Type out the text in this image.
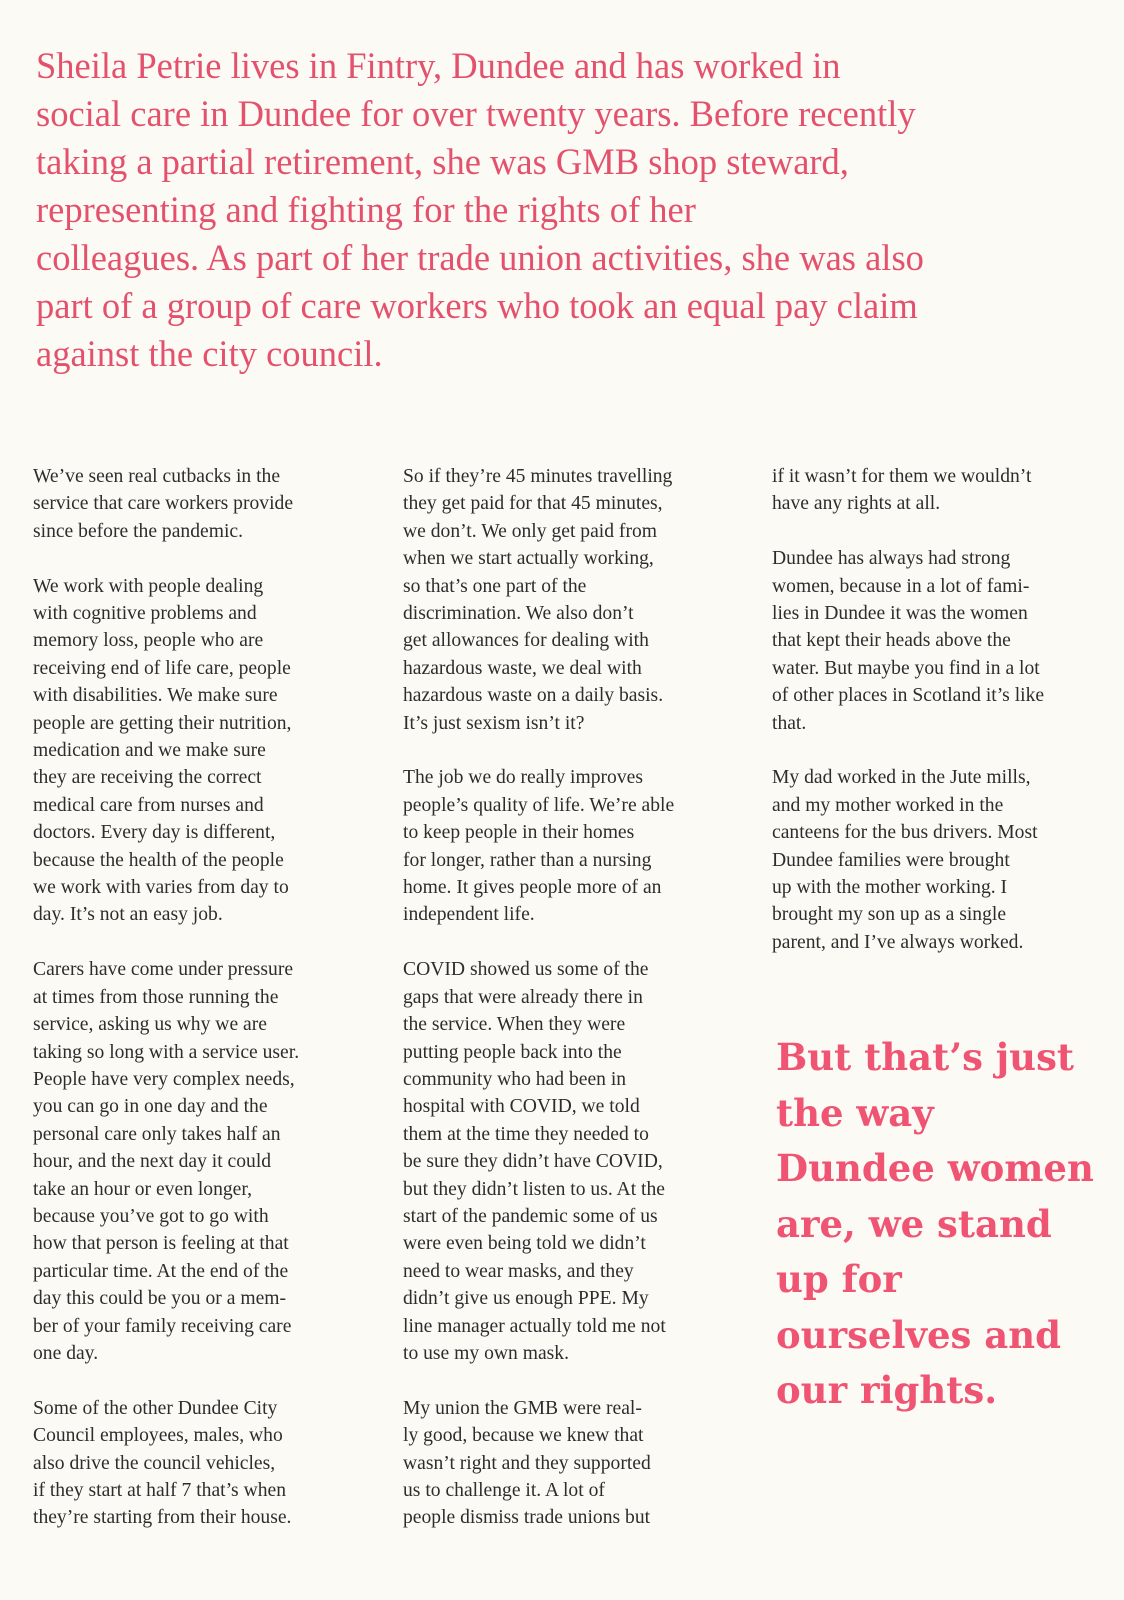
Sheila Petrie lives in Fintry, Dundee and has worked in
social care in Dundee for over twenty years. Before recently
taking a partial retirement, she was GMB shop steward,
representing and fighting for the rights of her
colleagues. As part of her trade union activities, she was also
part of a group of care workers who took an equal pay claim
against the city council.
We’ve seen real cutbacks in the
service that care workers provide
since before the pandemic.
We work with people dealing
with cognitive problems and
memory loss, people who are
receiving end of life care, people
with disabilities. We make sure
people are getting their nutrition,
medication and we make sure
they are receiving the correct
medical care from nurses and
doctors. Every day is different,
because the health of the people
we work with varies from day to
day. It’s not an easy job.
Carers have come under pressure
at times from those running the
service, asking us why we are
taking so long with a service user.
People have very complex needs,
you can go in one day and the
personal care only takes half an
hour, and the next day it could
take an hour or even longer,
because you’ve got to go with
how that person is feeling at that
particular time. At the end of the
day this could be you or a mem-
ber of your family receiving care
one day.
Some of the other Dundee City
Council employees, males, who
also drive the council vehicles,
if they start at half 7 that’s when
they’re starting from their house.
So if they’re 45 minutes travelling
they get paid for that 45 minutes,
we don’t. We only get paid from
when we start actually working,
so that’s one part of the
discrimination. We also don’t
get allowances for dealing with
hazardous waste, we deal with
hazardous waste on a daily basis.
It’s just sexism isn’t it?
The job we do really improves
people’s quality of life. We’re able
to keep people in their homes
for longer, rather than a nursing
home. It gives people more of an
independent life.
COVID showed us some of the
gaps that were already there in
the service. When they were
putting people back into the
community who had been in
hospital with COVID, we told
them at the time they needed to
be sure they didn’t have COVID,
but they didn’t listen to us. At the
start of the pandemic some of us
were even being told we didn’t
need to wear masks, and they
didn’t give us enough PPE. My
line manager actually told me not
to use my own mask.
My union the GMB were real-
ly good, because we knew that
wasn’t right and they supported
us to challenge it. A lot of
people dismiss trade unions but
if it wasn’t for them we wouldn’t
have any rights at all.
Dundee has always had strong
women, because in a lot of fami-
lies in Dundee it was the women
that kept their heads above the
water. But maybe you find in a lot
of other places in Scotland it’s like
that.
My dad worked in the Jute mills,
and my mother worked in the
canteens for the bus drivers. Most
Dundee families were brought
up with the mother working. I
brought my son up as a single
parent, and I’ve always worked.
But that’s just
the way
Dundee women
are, we stand
up for
ourselves and
our rights.
